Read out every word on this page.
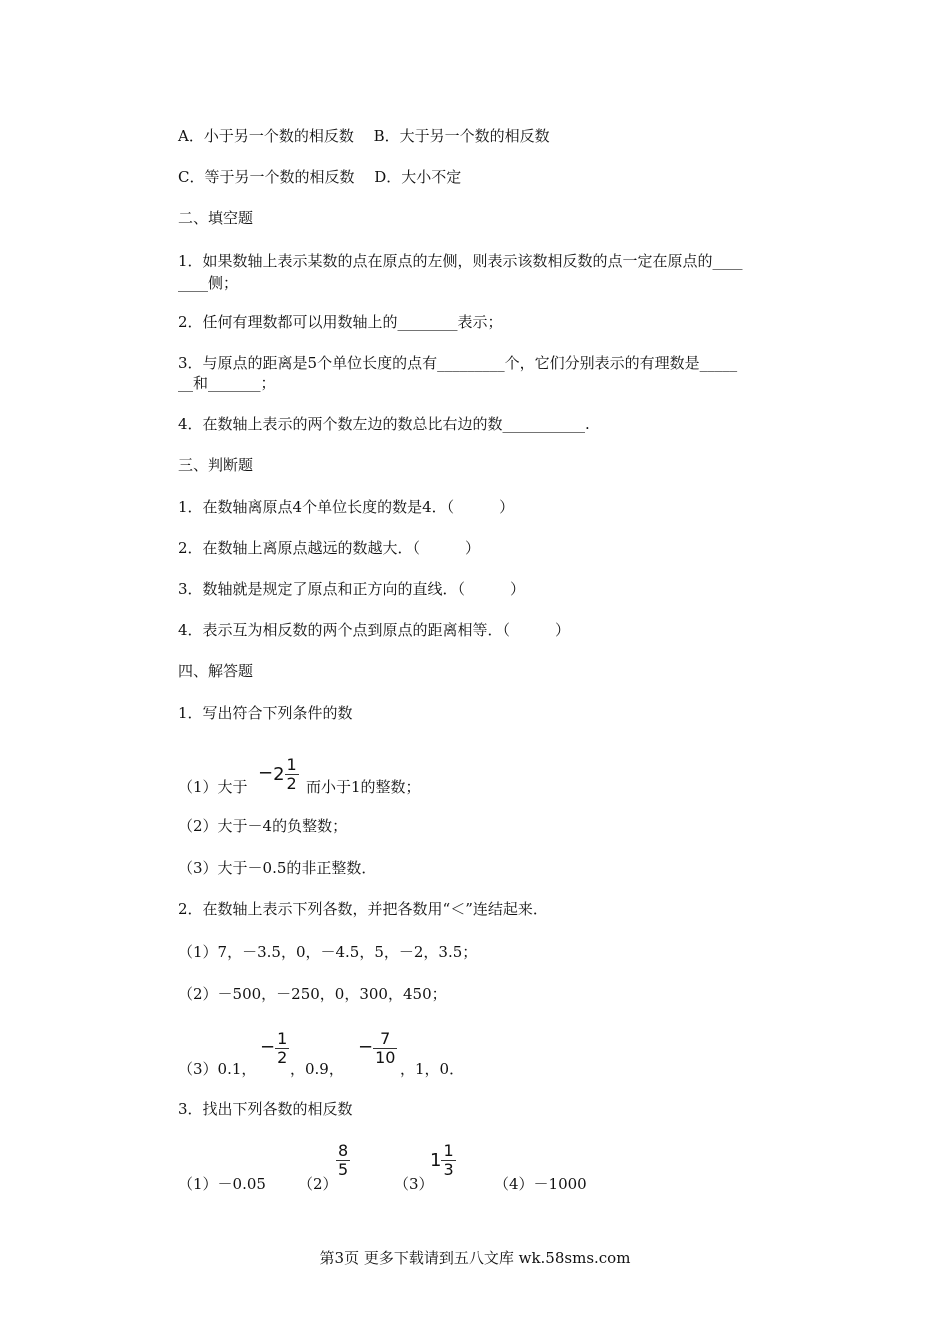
A．小于另一个数的相反数　 B．大于另一个数的相反数
C．等于另一个数的相反数　 D．大小不定
二、填空题
1．如果数轴上表示某数的点在原点的左侧，则表示该数相反数的点一定在原点的____
____侧；
2．任何有理数都可以用数轴上的________表示；
3．与原点的距离是5个单位长度的点有_________个，它们分别表示的有理数是_____
__和_______；
4．在数轴上表示的两个数左边的数总比右边的数___________.
三、判断题
1．在数轴离原点4个单位长度的数是4．（　　　）
2．在数轴上离原点越远的数越大．（　　　）
3．数轴就是规定了原点和正方向的直线．（　　　）
4．表示互为相反数的两个点到原点的距离相等．（　　　）
四、解答题
1．写出符合下列条件的数
（1）大于
$-2 \frac{1}{2}$ 而小于1的整数；
（2）大于－4的负整数；
（3）大于－0.5的非正整数．
2．在数轴上表示下列各数，并把各数用“＜”连结起来．
（1）7，－3.5，0，－4.5，5，－2，3.5；
（2）－500，－250，0，300，450；
（3）0.1，
− $\frac{1}{2}$
，0.9，
− $\frac{7}{10}$
，1，0．
3．找出下列各数的相反数
（1）－0.05 （2）
$\frac{8}{5}$
（3）
$1 \frac{1}{3}$
（4）－1000
第3页 更多下载请到五八文库 wk.58sms.com
